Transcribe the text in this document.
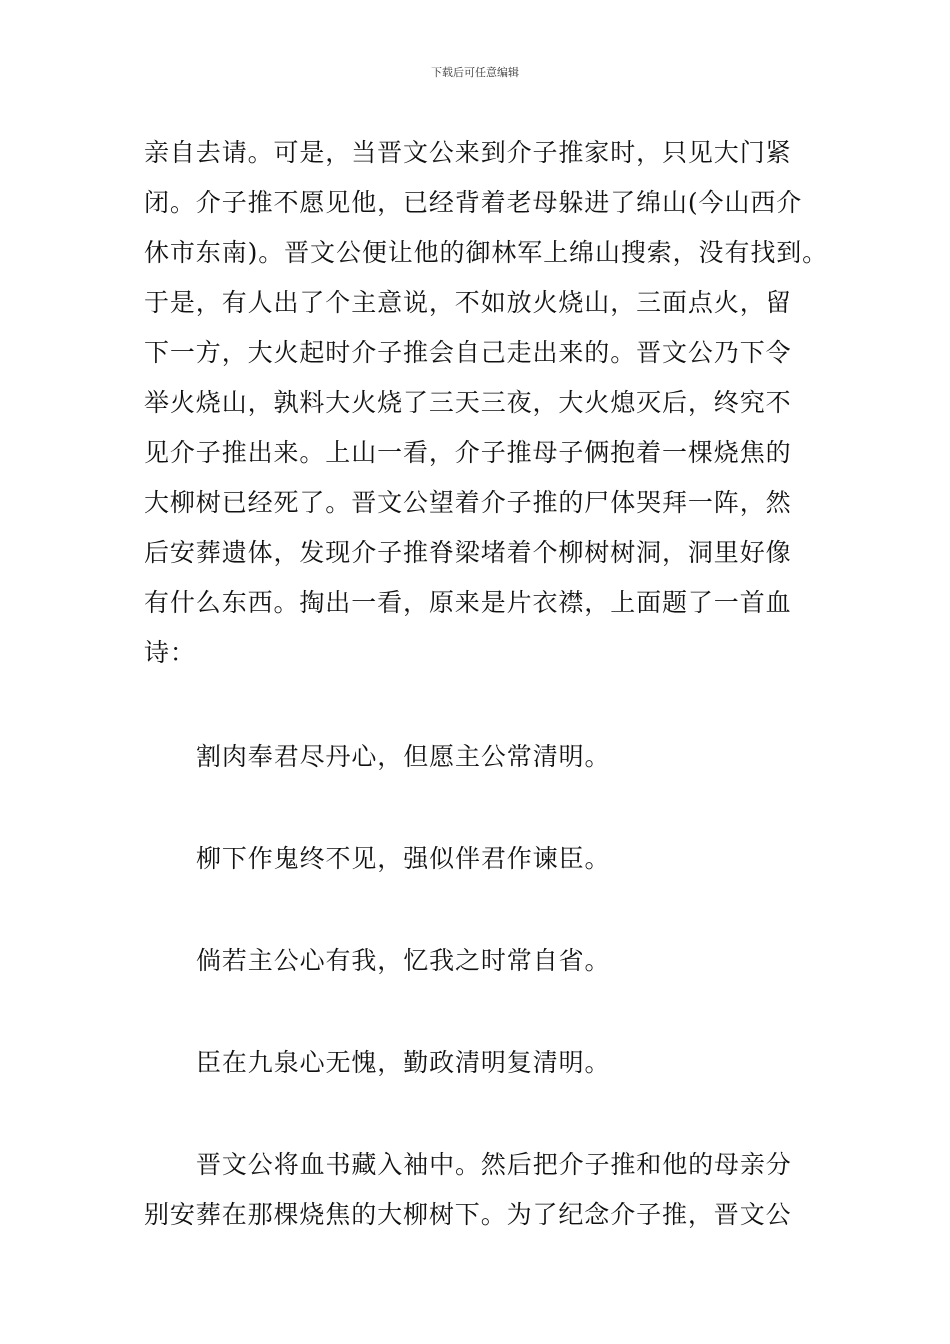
下载后可任意编辑

亲自去请。可是，当晋文公来到介子推家时，只见大门紧
闭。介子推不愿见他，已经背着老母躲进了绵山(今山西介
休市东南)。晋文公便让他的御林军上绵山搜索，没有找到。
于是，有人出了个主意说，不如放火烧山，三面点火，留
下一方，大火起时介子推会自己走出来的。晋文公乃下令
举火烧山，孰料大火烧了三天三夜，大火熄灭后，终究不
见介子推出来。上山一看，介子推母子俩抱着一棵烧焦的
大柳树已经死了。晋文公望着介子推的尸体哭拜一阵，然
后安葬遗体，发现介子推脊梁堵着个柳树树洞，洞里好像
有什么东西。掏出一看，原来是片衣襟，上面题了一首血
诗：

割肉奉君尽丹心，但愿主公常清明。

柳下作鬼终不见，强似伴君作谏臣。

倘若主公心有我，忆我之时常自省。

臣在九泉心无愧，勤政清明复清明。

晋文公将血书藏入袖中。然后把介子推和他的母亲分
别安葬在那棵烧焦的大柳树下。为了纪念介子推，晋文公
